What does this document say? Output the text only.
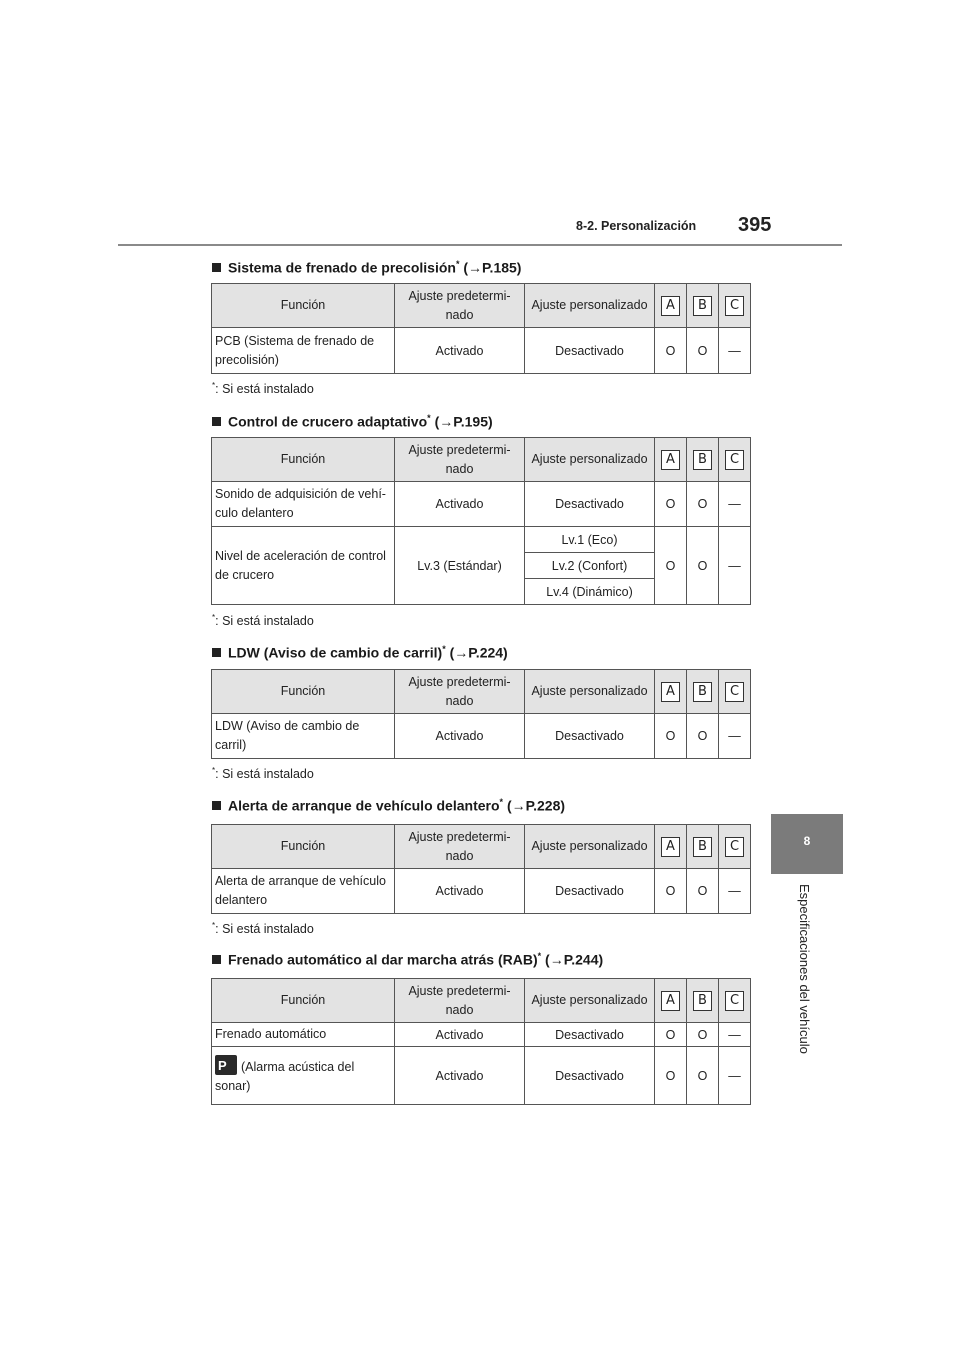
8-2. Personalización 395
8
Especificaciones del vehículo
Sistema de frenado de precolisión* (→P.185)
Función	Ajuste predetermi-nado	Ajuste personalizado	A	B	C
PCB (Sistema de frenado de precolisión)	Activado	Desactivado	O	O	—
*: Si está instalado
Control de crucero adaptativo* (→P.195)
Función	Ajuste predetermi-nado	Ajuste personalizado	A	B	C
Sonido de adquisición de vehí-culo delantero	Activado	Desactivado	O	O	—
Nivel de aceleración de control de crucero	Lv.3 (Estándar)	Lv.1 (Eco)	O	O	—
		Lv.2 (Confort)			
		Lv.4 (Dinámico)			
*: Si está instalado
LDW (Aviso de cambio de carril)* (→P.224)
Función	Ajuste predetermi-nado	Ajuste personalizado	A	B	C
LDW (Aviso de cambio de carril)	Activado	Desactivado	O	O	—
*: Si está instalado
Alerta de arranque de vehículo delantero* (→P.228)
Función	Ajuste predetermi-nado	Ajuste personalizado	A	B	C
Alerta de arranque de vehículo delantero	Activado	Desactivado	O	O	—
*: Si está instalado
Frenado automático al dar marcha atrás (RAB)* (→P.244)
Función	Ajuste predetermi-nado	Ajuste personalizado	A	B	C
Frenado automático	Activado	Desactivado	O	O	—

P (Alarma acústica del sonar)	Activado	Desactivado	O	O	—
